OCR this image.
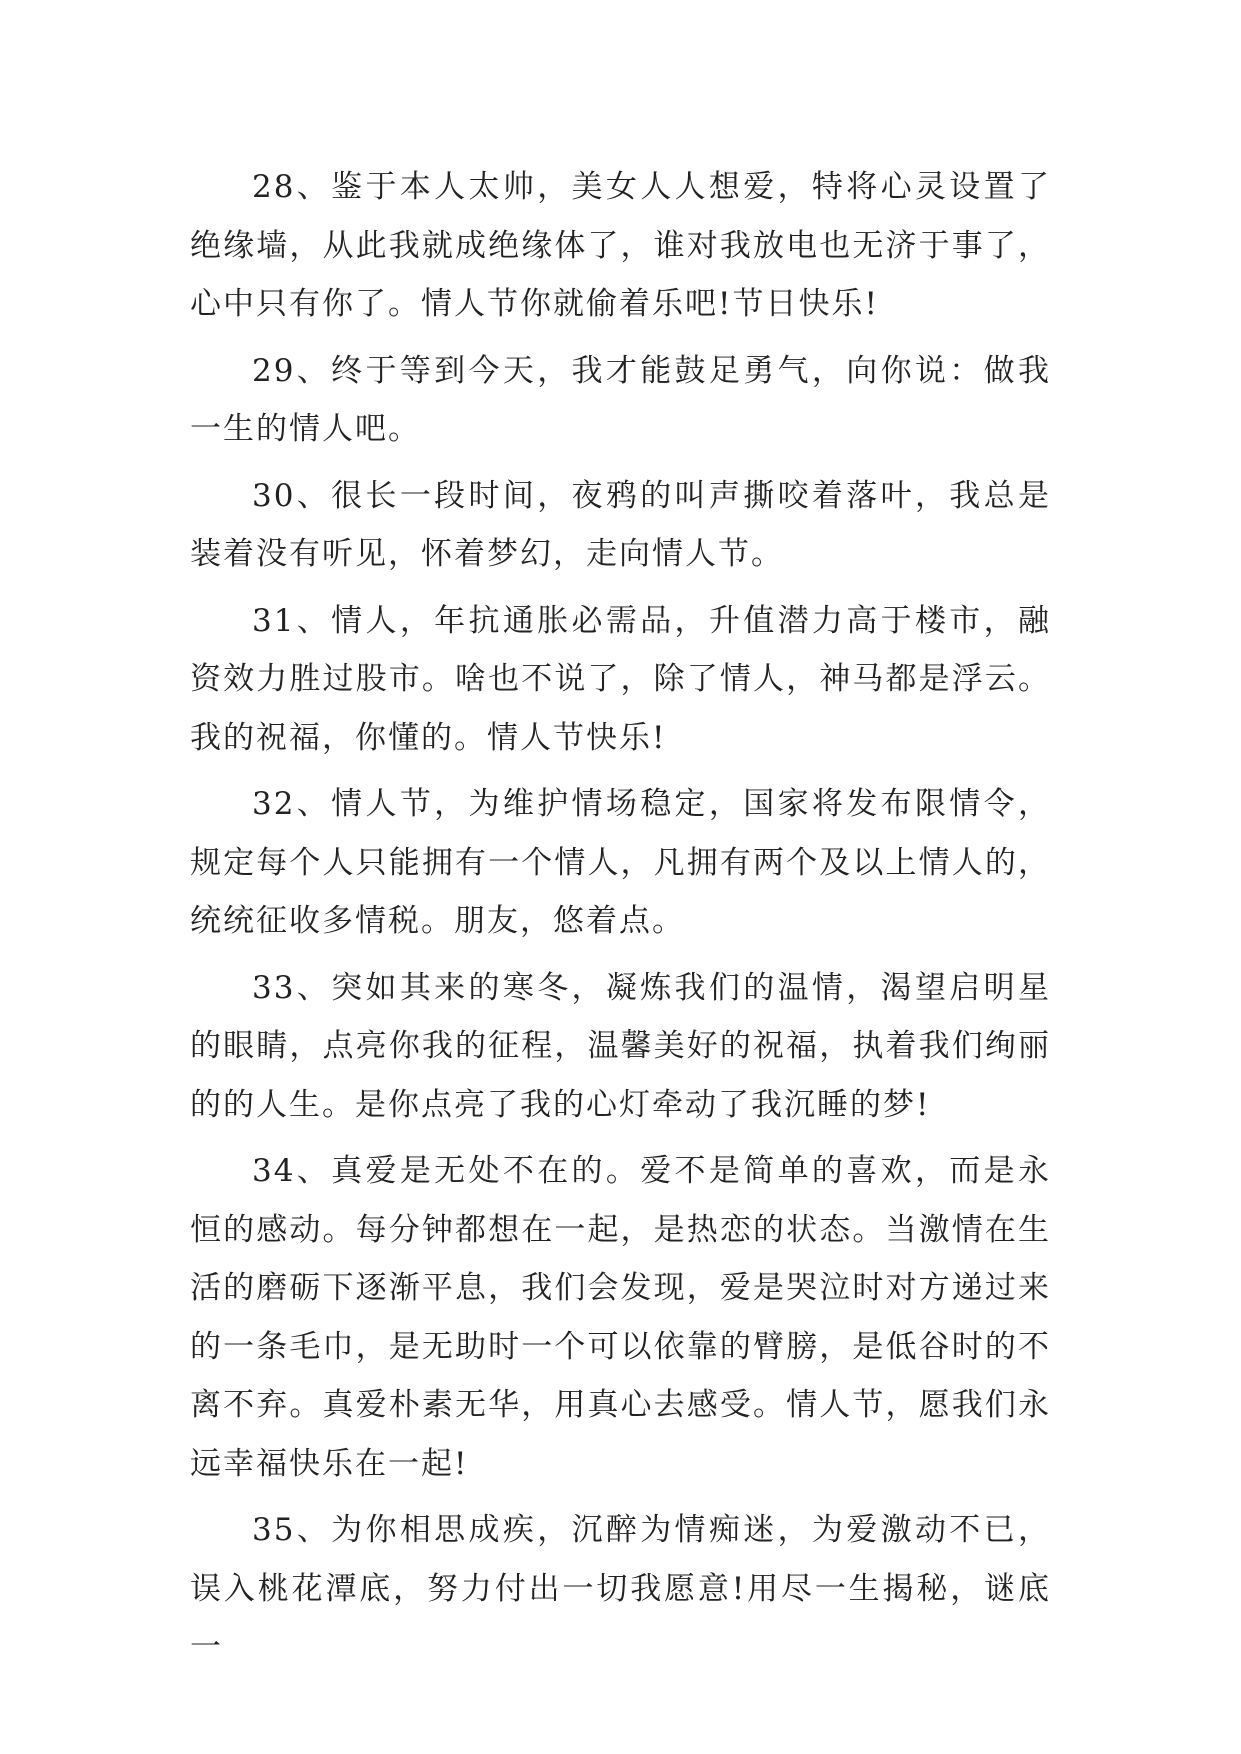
28、鉴于本人太帅，美女人人想爱，特将心灵设置了绝缘墙，从此我就成绝缘体了，谁对我放电也无济于事了，心中只有你了。情人节你就偷着乐吧!节日快乐!

29、终于等到今天，我才能鼓足勇气，向你说：做我一生的情人吧。

30、很长一段时间，夜鸦的叫声撕咬着落叶，我总是装着没有听见，怀着梦幻，走向情人节。

31、情人，年抗通胀必需品，升值潜力高于楼市，融资效力胜过股市。啥也不说了，除了情人，神马都是浮云。我的祝福，你懂的。情人节快乐!

32、情人节，为维护情场稳定，国家将发布限情令，规定每个人只能拥有一个情人，凡拥有两个及以上情人的，统统征收多情税。朋友，悠着点。

33、突如其来的寒冬，凝炼我们的温情，渴望启明星的眼睛，点亮你我的征程，温馨美好的祝福，执着我们绚丽的的人生。是你点亮了我的心灯牵动了我沉睡的梦!

34、真爱是无处不在的。爱不是简单的喜欢，而是永恒的感动。每分钟都想在一起，是热恋的状态。当激情在生活的磨砺下逐渐平息，我们会发现，爱是哭泣时对方递过来的一条毛巾，是无助时一个可以依靠的臂膀，是低谷时的不离不弃。真爱朴素无华，用真心去感受。情人节，愿我们永远幸福快乐在一起!

35、为你相思成疾，沉醉为情痴迷，为爱激动不已，误入桃花潭底，努力付出一切我愿意!用尽一生揭秘，谜底一
